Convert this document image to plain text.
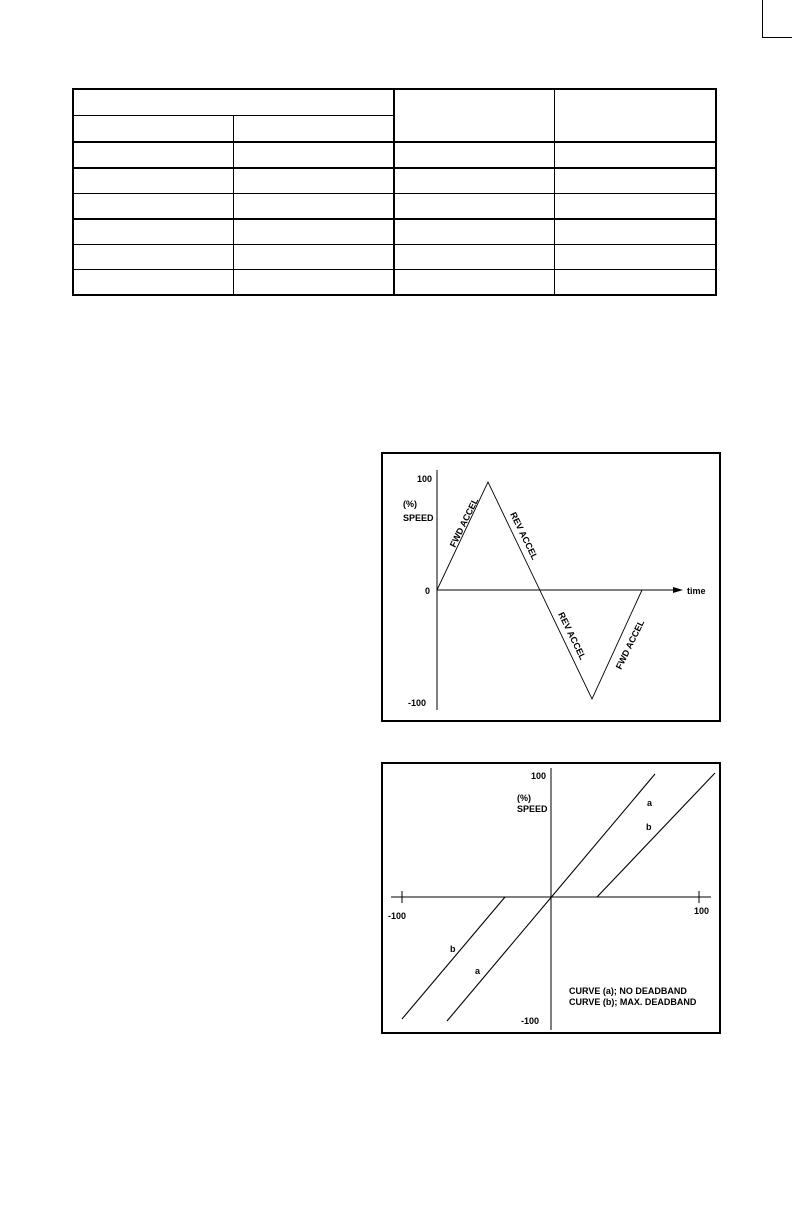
100
(%)
SPEED
0
-100
time
FWD ACCEL	REV ACCEL
REV ACCEL	FWD ACCEL
100
(%)
SPEED
-100	100
-100
a
b
b
a
CURVE (a); NO DEADBAND
CURVE (b); MAX. DEADBAND
